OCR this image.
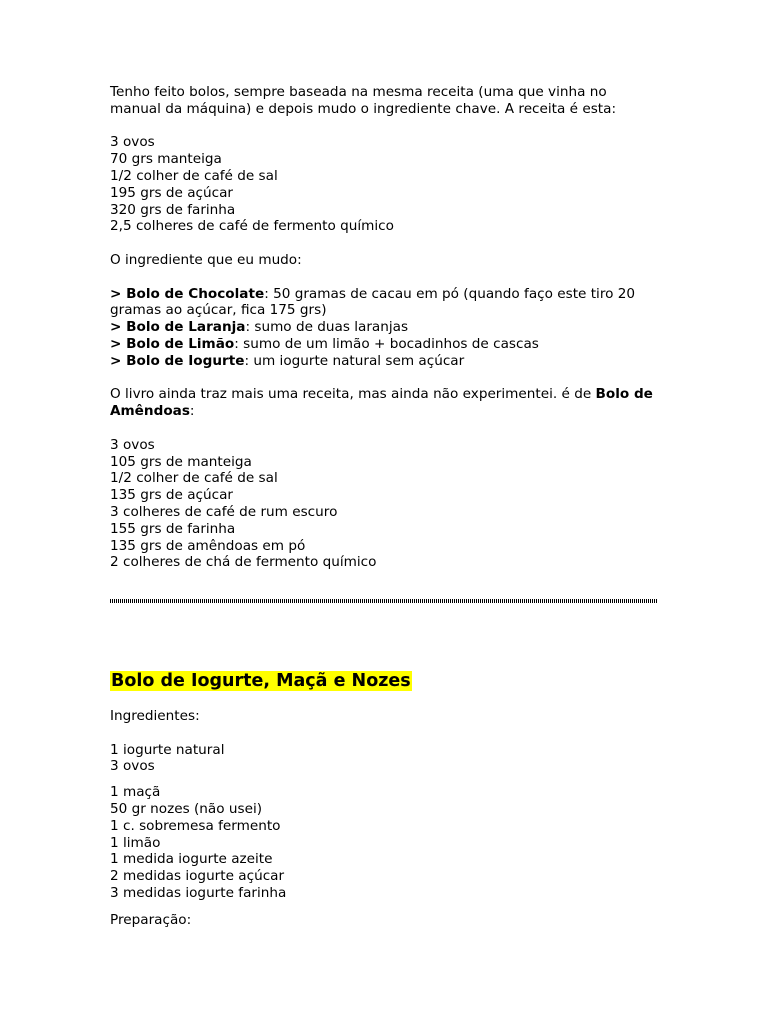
Tenho feito bolos, sempre baseada na mesma receita (uma que vinha no manual da máquina) e depois mudo o ingrediente chave. A receita é esta:

3 ovos

70 grs manteiga

1/2 colher de café de sal

195 grs de açúcar

320 grs de farinha

2,5 colheres de café de fermento químico

O ingrediente que eu mudo:

> Bolo de Chocolate: 50 gramas de cacau em pó (quando faço este tiro 20 gramas ao açúcar, fica 175 grs)

> Bolo de Laranja: sumo de duas laranjas

> Bolo de Limão: sumo de um limão + bocadinhos de cascas

> Bolo de Iogurte: um iogurte natural sem açúcar

O livro ainda traz mais uma receita, mas ainda não experimentei. é de Bolo de Amêndoas:

3 ovos

105 grs de manteiga

1/2 colher de café de sal

135 grs de açúcar

3 colheres de café de rum escuro

155 grs de farinha

135 grs de amêndoas em pó

2 colheres de chá de fermento químico

Bolo de Iogurte, Maçã e Nozes

Ingredientes:

1 iogurte natural

3 ovos

1 maçã

50 gr nozes (não usei)

1 c. sobremesa fermento

1 limão

1 medida iogurte azeite

2 medidas iogurte açúcar

3 medidas iogurte farinha

Preparação:
